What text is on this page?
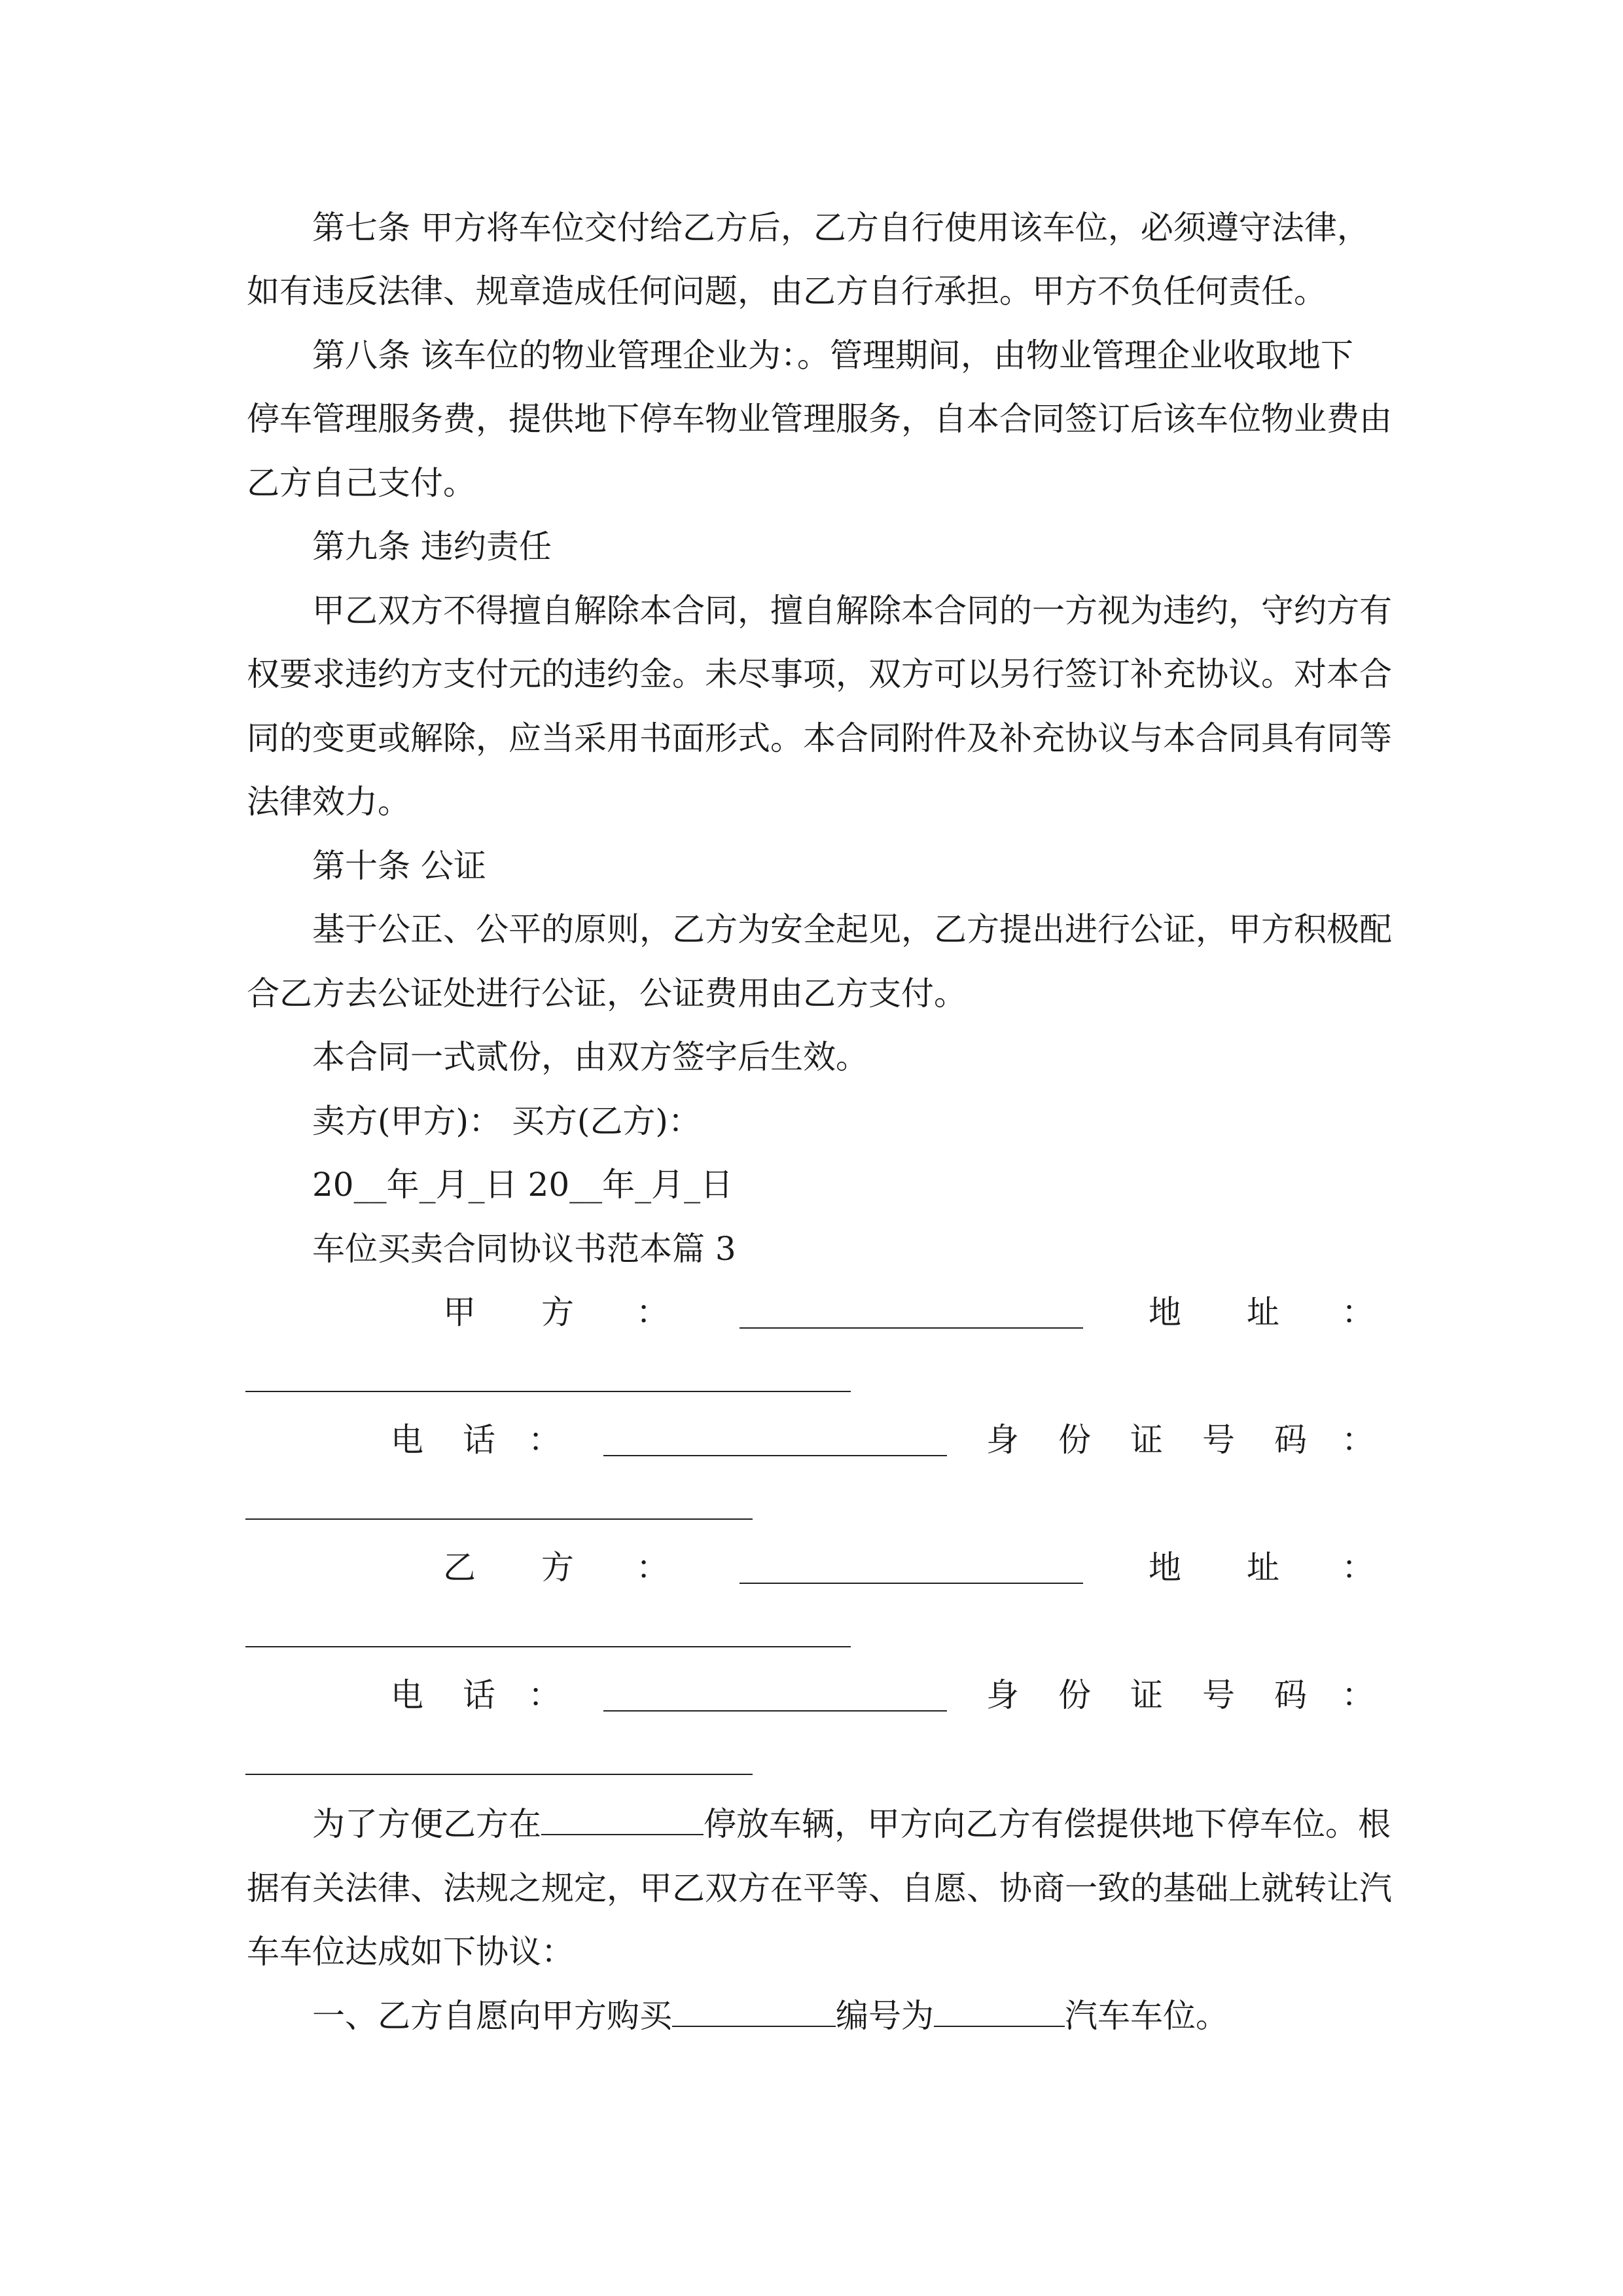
第七条 甲方将车位交付给乙方后，乙方自行使用该车位，必须遵守法律，
如有违反法律、规章造成任何问题，由乙方自行承担。甲方不负任何责任。
第八条 该车位的物业管理企业为：。管理期间，由物业管理企业收取地下
停车管理服务费，提供地下停车物业管理服务，自本合同签订后该车位物业费由
乙方自己支付。
第九条 违约责任
甲乙双方不得擅自解除本合同，擅自解除本合同的一方视为违约，守约方有
权要求违约方支付元的违约金。未尽事项，双方可以另行签订补充协议。对本合
同的变更或解除，应当采用书面形式。本合同附件及补充协议与本合同具有同等
法律效力。
第十条 公证
基于公正、公平的原则，乙方为安全起见，乙方提出进行公证，甲方积极配
合乙方去公证处进行公证，公证费用由乙方支付。
本合同一式贰份，由双方签字后生效。
卖方(甲方)： 买方(乙方)：
20__年_月_日 20__年_月_日
车位买卖合同协议书范本篇 3
甲 方 ：	地 址 ：
电 话 ：	身 份 证 号 码 ：
乙 方 ：	地 址 ：
电 话 ：	身 份 证 号 码 ：
为了方便乙方在	停放车辆，甲方向乙方有偿提供地下停车位。根
据有关法律、法规之规定，甲乙双方在平等、自愿、协商一致的基础上就转让汽
车车位达成如下协议：
一、乙方自愿向甲方购买	编号为	汽车车位。
